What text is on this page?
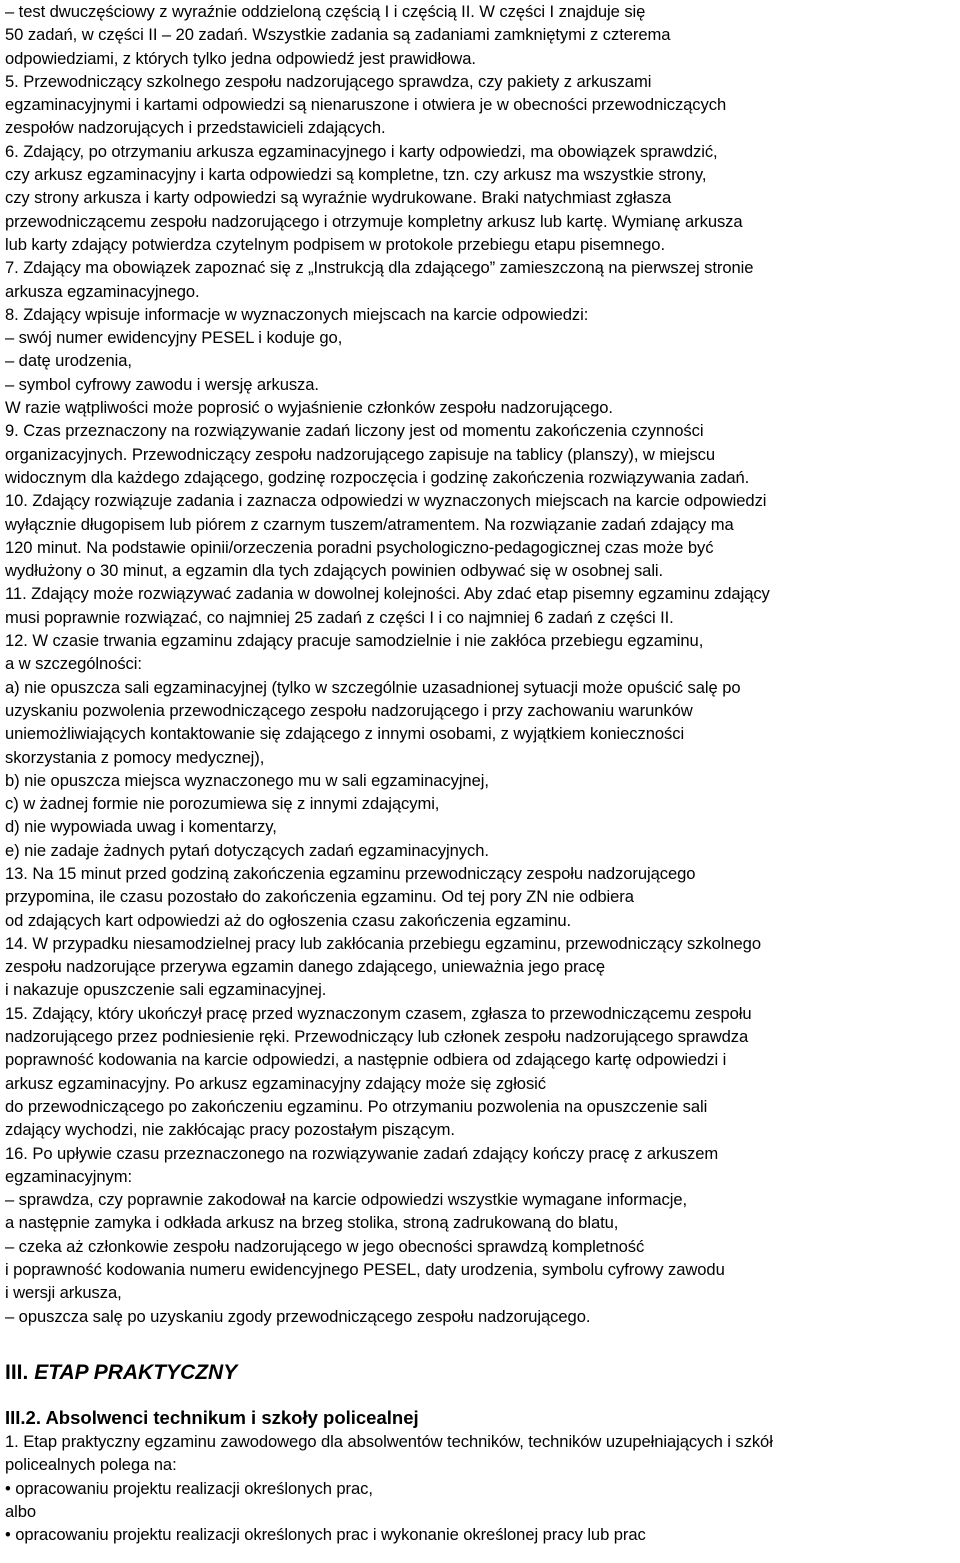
– test dwuczęściowy z wyraźnie oddzieloną częścią I i częścią II. W części I znajduje się
50 zadań, w części II – 20 zadań. Wszystkie zadania są zadaniami zamkniętymi z czterema
odpowiedziami, z których tylko jedna odpowiedź jest prawidłowa.
5. Przewodniczący szkolnego zespołu nadzorującego sprawdza, czy pakiety z arkuszami
egzaminacyjnymi i kartami odpowiedzi są nienaruszone i otwiera je w obecności przewodniczących
zespołów nadzorujących i przedstawicieli zdających.
6. Zdający, po otrzymaniu arkusza egzaminacyjnego i karty odpowiedzi, ma obowiązek sprawdzić,
czy arkusz egzaminacyjny i karta odpowiedzi są kompletne, tzn. czy arkusz ma wszystkie strony,
czy strony arkusza i karty odpowiedzi są wyraźnie wydrukowane. Braki natychmiast zgłasza
przewodniczącemu zespołu nadzorującego i otrzymuje kompletny arkusz lub kartę. Wymianę arkusza
lub karty zdający potwierdza czytelnym podpisem w protokole przebiegu etapu pisemnego.
7. Zdający ma obowiązek zapoznać się z „Instrukcją dla zdającego” zamieszczoną na pierwszej stronie
arkusza egzaminacyjnego.
8. Zdający wpisuje informacje w wyznaczonych miejscach na karcie odpowiedzi:
– swój numer ewidencyjny PESEL i koduje go,
– datę urodzenia,
– symbol cyfrowy zawodu i wersję arkusza.
W razie wątpliwości może poprosić o wyjaśnienie członków zespołu nadzorującego.
9. Czas przeznaczony na rozwiązywanie zadań liczony jest od momentu zakończenia czynności
organizacyjnych. Przewodniczący zespołu nadzorującego zapisuje na tablicy (planszy), w miejscu
widocznym dla każdego zdającego, godzinę rozpoczęcia i godzinę zakończenia rozwiązywania zadań.
10. Zdający rozwiązuje zadania i zaznacza odpowiedzi w wyznaczonych miejscach na karcie odpowiedzi
wyłącznie długopisem lub piórem z czarnym tuszem/atramentem. Na rozwiązanie zadań zdający ma
120 minut. Na podstawie opinii/orzeczenia poradni psychologiczno-pedagogicznej czas może być
wydłużony o 30 minut, a egzamin dla tych zdających powinien odbywać się w osobnej sali.
11. Zdający może rozwiązywać zadania w dowolnej kolejności. Aby zdać etap pisemny egzaminu zdający
musi poprawnie rozwiązać, co najmniej 25 zadań z części I i co najmniej 6 zadań z części II.
12. W czasie trwania egzaminu zdający pracuje samodzielnie i nie zakłóca przebiegu egzaminu,
a w szczególności:
a) nie opuszcza sali egzaminacyjnej (tylko w szczególnie uzasadnionej sytuacji może opuścić salę po
uzyskaniu pozwolenia przewodniczącego zespołu nadzorującego i przy zachowaniu warunków
uniemożliwiających kontaktowanie się zdającego z innymi osobami, z wyjątkiem konieczności
skorzystania z pomocy medycznej),
b) nie opuszcza miejsca wyznaczonego mu w sali egzaminacyjnej,
c) w żadnej formie nie porozumiewa się z innymi zdającymi,
d) nie wypowiada uwag i komentarzy,
e) nie zadaje żadnych pytań dotyczących zadań egzaminacyjnych.
13. Na 15 minut przed godziną zakończenia egzaminu przewodniczący zespołu nadzorującego
przypomina, ile czasu pozostało do zakończenia egzaminu. Od tej pory ZN nie odbiera
od zdających kart odpowiedzi aż do ogłoszenia czasu zakończenia egzaminu.
14. W przypadku niesamodzielnej pracy lub zakłócania przebiegu egzaminu, przewodniczący szkolnego
zespołu nadzorujące przerywa egzamin danego zdającego, unieważnia jego pracę
i nakazuje opuszczenie sali egzaminacyjnej.
15. Zdający, który ukończył pracę przed wyznaczonym czasem, zgłasza to przewodniczącemu zespołu
nadzorującego przez podniesienie ręki. Przewodniczący lub członek zespołu nadzorującego sprawdza
poprawność kodowania na karcie odpowiedzi, a następnie odbiera od zdającego kartę odpowiedzi i
arkusz egzaminacyjny. Po arkusz egzaminacyjny zdający może się zgłosić
do przewodniczącego po zakończeniu egzaminu. Po otrzymaniu pozwolenia na opuszczenie sali
zdający wychodzi, nie zakłócając pracy pozostałym piszącym.
16. Po upływie czasu przeznaczonego na rozwiązywanie zadań zdający kończy pracę z arkuszem
egzaminacyjnym:
– sprawdza, czy poprawnie zakodował na karcie odpowiedzi wszystkie wymagane informacje,
a następnie zamyka i odkłada arkusz na brzeg stolika, stroną zadrukowaną do blatu,
– czeka aż członkowie zespołu nadzorującego w jego obecności sprawdzą kompletność
i poprawność kodowania numeru ewidencyjnego PESEL, daty urodzenia, symbolu cyfrowy zawodu
i wersji arkusza,
– opuszcza salę po uzyskaniu zgody przewodniczącego zespołu nadzorującego.
III. ETAP PRAKTYCZNY
III.2. Absolwenci technikum i szkoły policealnej
1. Etap praktyczny egzaminu zawodowego dla absolwentów techników, techników uzupełniających i szkół
policealnych polega na:
• opracowaniu projektu realizacji określonych prac,
albo
• opracowaniu projektu realizacji określonych prac i wykonanie określonej pracy lub prac
